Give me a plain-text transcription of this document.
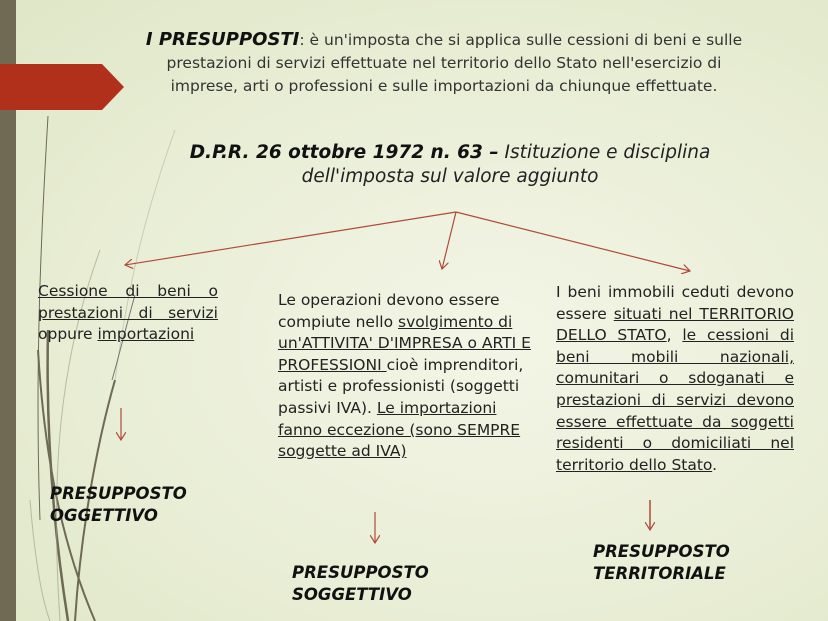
I PRESUPPOSTI: è un'imposta che si applica sulle cessioni di beni e sulle prestazioni di servizi effettuate nel territorio dello Stato nell'esercizio di imprese, arti o professioni e sulle importazioni da chiunque effettuate.
D.P.R. 26 ottobre 1972 n. 63 – Istituzione e disciplina dell'imposta sul valore aggiunto
Cessione di beni o prestazioni di servizi oppure importazioni
Le operazioni devono essere compiute nello svolgimento di un'ATTIVITA' D'IMPRESA o ARTI E PROFESSIONI cioè imprenditori, artisti e professionisti (soggetti passivi IVA). Le importazioni fanno eccezione (sono SEMPRE soggette ad IVA)
I beni immobili ceduti devono essere situati nel TERRITORIO DELLO STATO, le cessioni di beni mobili nazionali, comunitari o sdoganati e prestazioni di servizi devono essere effettuate da soggetti residenti o domiciliati nel territorio dello Stato.
PRESUPPOSTO
OGGETTIVO
PRESUPPOSTO
SOGGETTIVO
PRESUPPOSTO
TERRITORIALE
